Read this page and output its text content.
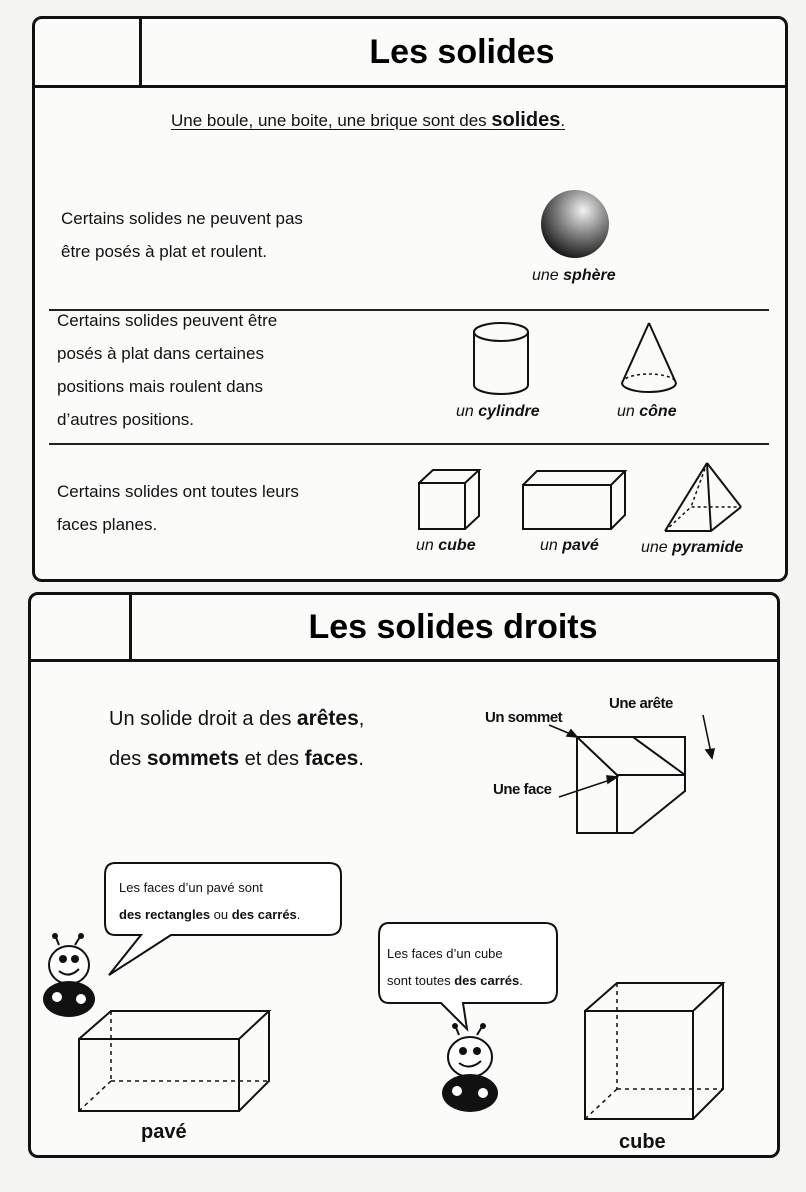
Les solides
Une boule, une boite, une brique sont des solides.
Certains solides ne peuvent pas
être posés à plat et roulent.
une sphère
Certains solides peuvent être
posés à plat dans certaines
positions mais roulent dans
d’autres positions.	un cylindre	un cône
Certains solides ont toutes leurs
faces planes.
un cube	un pavé	une pyramide
Les solides droits
Un solide droit a des arêtes,
des sommets et des faces.
Un sommet
Une arête
Une face
Les faces d’un pavé sont
des rectangles ou des carrés.
pavé
Les faces d’un cube
sont toutes des carrés.
cube
